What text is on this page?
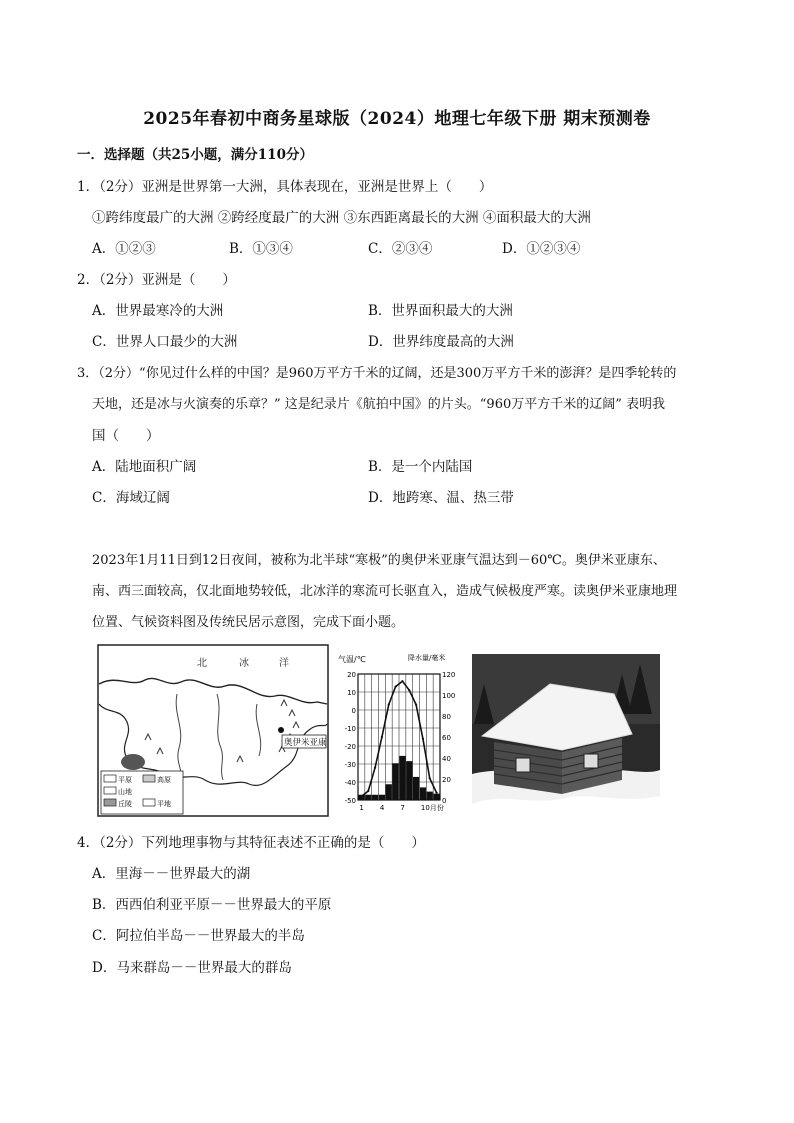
2025年春初中商务星球版（2024）地理七年级下册 期末预测卷
一．选择题（共25小题，满分110分）
1．（2分）亚洲是世界第一大洲，具体表现在，亚洲是世界上（　　）
①跨纬度最广的大洲 ②跨经度最广的大洲 ③东西距离最长的大洲 ④面积最大的大洲
A．①②③	B．①③④	C．②③④	D．①②③④
2．（2分）亚洲是（　　）
A．世界最寒冷的大洲	B．世界面积最大的大洲
C．世界人口最少的大洲	D．世界纬度最高的大洲
3．（2分）“你见过什么样的中国？是960万平方千米的辽阔，还是300万平方千米的澎湃？是四季轮转的
天地，还是冰与火演奏的乐章？” 这是纪录片《航拍中国》的片头。“960万平方千米的辽阔” 表明我
国（　　）
A．陆地面积广阔	B．是一个内陆国
C．海域辽阔	D．地跨寒、温、热三带
2023年1月11日到12日夜间，被称为北半球“寒极”的奥伊米亚康气温达到－60℃。奥伊米亚康东、
南、西三面较高，仅北面地势较低，北冰洋的寒流可长驱直入，造成气候极度严寒。读奥伊米亚康地理
位置、气候资料图及传统民居示意图，完成下面小题。
北	冰	洋
奥伊米亚康
平原	高原
山地
丘陵	平地
气温/℃	降水量/毫米
20
10
0
-10
-20
-30
-40
-50
120
100
80
60
40
20
0
1 4 7 10月份
4．（2分）下列地理事物与其特征表述不正确的是（　　）
A．里海－－世界最大的湖
B．西西伯利亚平原－－世界最大的平原
C．阿拉伯半岛－－世界最大的半岛
D．马来群岛－－世界最大的群岛
